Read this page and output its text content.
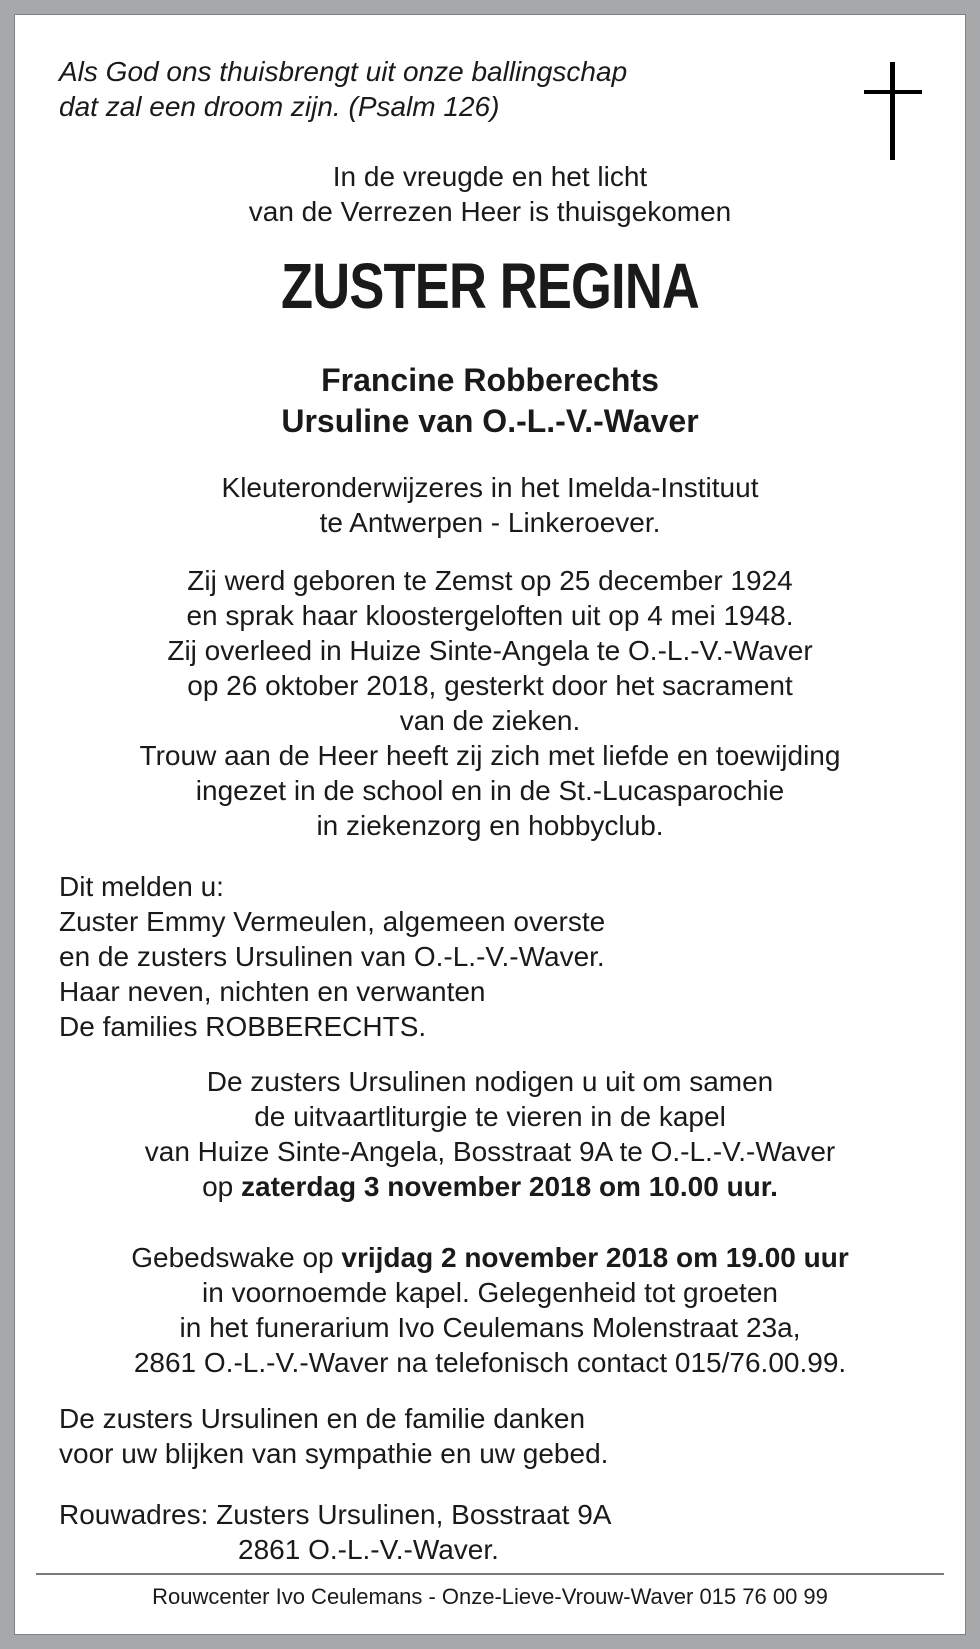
Als God ons thuisbrengt uit onze ballingschap
dat zal een droom zijn. (Psalm 126)
In de vreugde en het licht
van de Verrezen Heer is thuisgekomen
ZUSTER REGINA
Francine Robberechts
Ursuline van O.-L.-V.-Waver
Kleuteronderwijzeres in het Imelda-Instituut
te Antwerpen - Linkeroever.
Zij werd geboren te Zemst op 25 december 1924
en sprak haar kloostergeloften uit op 4 mei 1948.
Zij overleed in Huize Sinte-Angela te O.-L.-V.-Waver
op 26 oktober 2018, gesterkt door het sacrament
van de zieken.
Trouw aan de Heer heeft zij zich met liefde en toewijding
ingezet in de school en in de St.-Lucasparochie
in ziekenzorg en hobbyclub.
Dit melden u:
Zuster Emmy Vermeulen, algemeen overste
en de zusters Ursulinen van O.-L.-V.-Waver.
Haar neven, nichten en verwanten
De families ROBBERECHTS.
De zusters Ursulinen nodigen u uit om samen
de uitvaartliturgie te vieren in de kapel
van Huize Sinte-Angela, Bosstraat 9A te O.-L.-V.-Waver
op zaterdag 3 november 2018 om 10.00 uur.
Gebedswake op vrijdag 2 november 2018 om 19.00 uur
in voornoemde kapel. Gelegenheid tot groeten
in het funerarium Ivo Ceulemans Molenstraat 23a,
2861 O.-L.-V.-Waver na telefonisch contact 015/76.00.99.
De zusters Ursulinen en de familie danken
voor uw blijken van sympathie en uw gebed.
Rouwadres: Zusters Ursulinen, Bosstraat 9A
2861 O.-L.-V.-Waver.
Rouwcenter Ivo Ceulemans - Onze-Lieve-Vrouw-Waver 015 76 00 99
